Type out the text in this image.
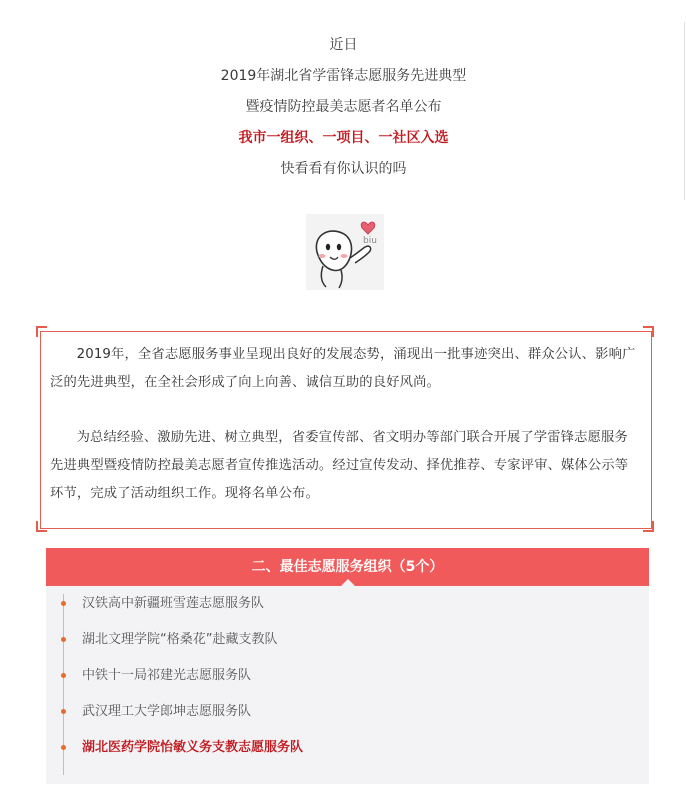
近日
2019年湖北省学雷锋志愿服务先进典型
暨疫情防控最美志愿者名单公布
我市一组织、一项目、一社区入选
快看看有你认识的吗
biu

2019年，全省志愿服务事业呈现出良好的发展态势，涌现出一批事迹突出、群众公认、影响广泛的先进典型，在全社会形成了向上向善、诚信互助的良好风尚。

为总结经验、激励先进、树立典型，省委宣传部、省文明办等部门联合开展了学雷锋志愿服务先进典型暨疫情防控最美志愿者宣传推选活动。经过宣传发动、择优推荐、专家评审、媒体公示等环节，完成了活动组织工作。现将名单公布。

二、最佳志愿服务组织（5个）
汉铁高中新疆班雪莲志愿服务队
湖北文理学院“格桑花”赴藏支教队
中铁十一局祁建光志愿服务队
武汉理工大学郎坤志愿服务队
湖北医药学院怡敏义务支教志愿服务队
